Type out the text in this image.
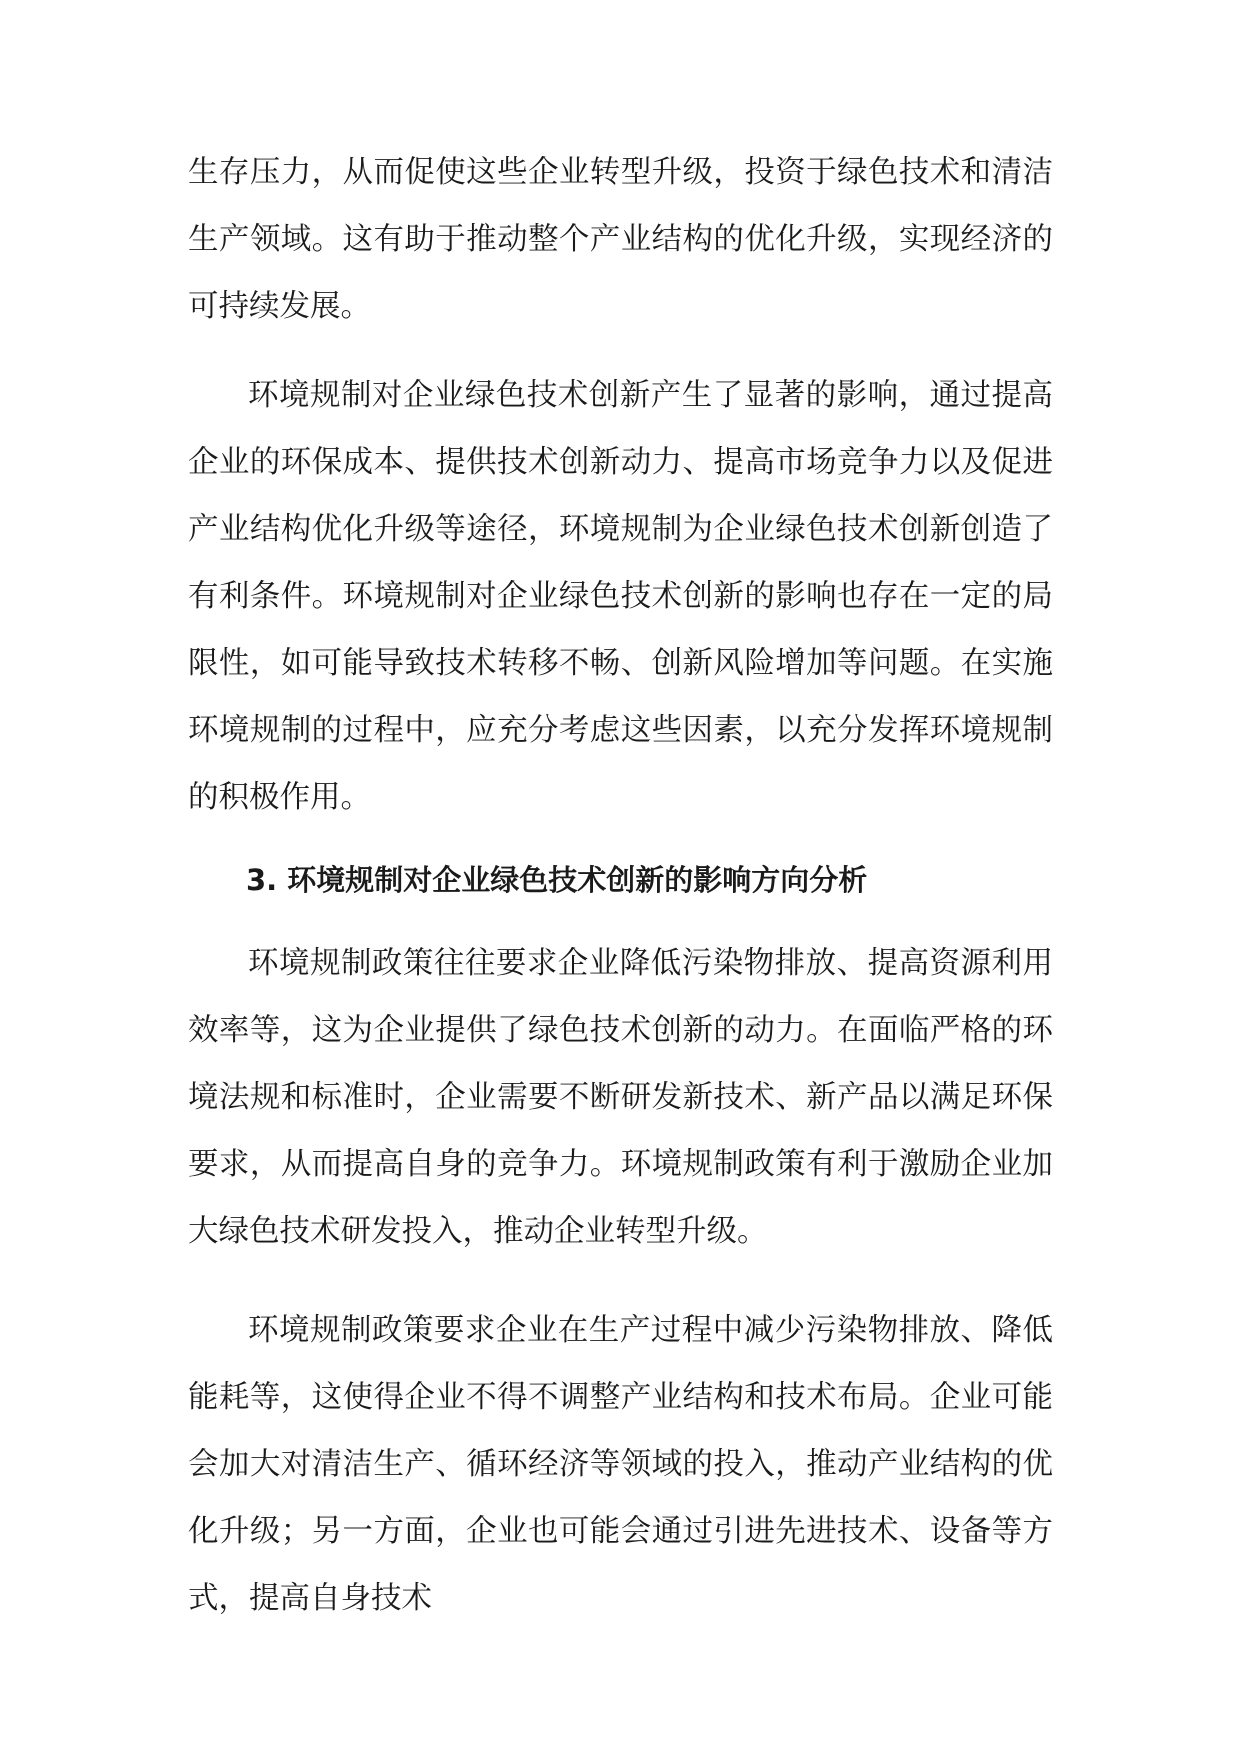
生存压力，从而促使这些企业转型升级，投资于绿色技术和清洁生产领域。这有助于推动整个产业结构的优化升级，实现经济的可持续发展。

环境规制对企业绿色技术创新产生了显著的影响，通过提高企业的环保成本、提供技术创新动力、提高市场竞争力以及促进产业结构优化升级等途径，环境规制为企业绿色技术创新创造了有利条件。环境规制对企业绿色技术创新的影响也存在一定的局限性，如可能导致技术转移不畅、创新风险增加等问题。在实施环境规制的过程中，应充分考虑这些因素，以充分发挥环境规制的积极作用。

3. 环境规制对企业绿色技术创新的影响方向分析

环境规制政策往往要求企业降低污染物排放、提高资源利用效率等，这为企业提供了绿色技术创新的动力。在面临严格的环境法规和标准时，企业需要不断研发新技术、新产品以满足环保要求，从而提高自身的竞争力。环境规制政策有利于激励企业加大绿色技术研发投入，推动企业转型升级。

环境规制政策要求企业在生产过程中减少污染物排放、降低能耗等，这使得企业不得不调整产业结构和技术布局。企业可能会加大对清洁生产、循环经济等领域的投入，推动产业结构的优化升级；另一方面，企业也可能会通过引进先进技术、设备等方式，提高自身技术
